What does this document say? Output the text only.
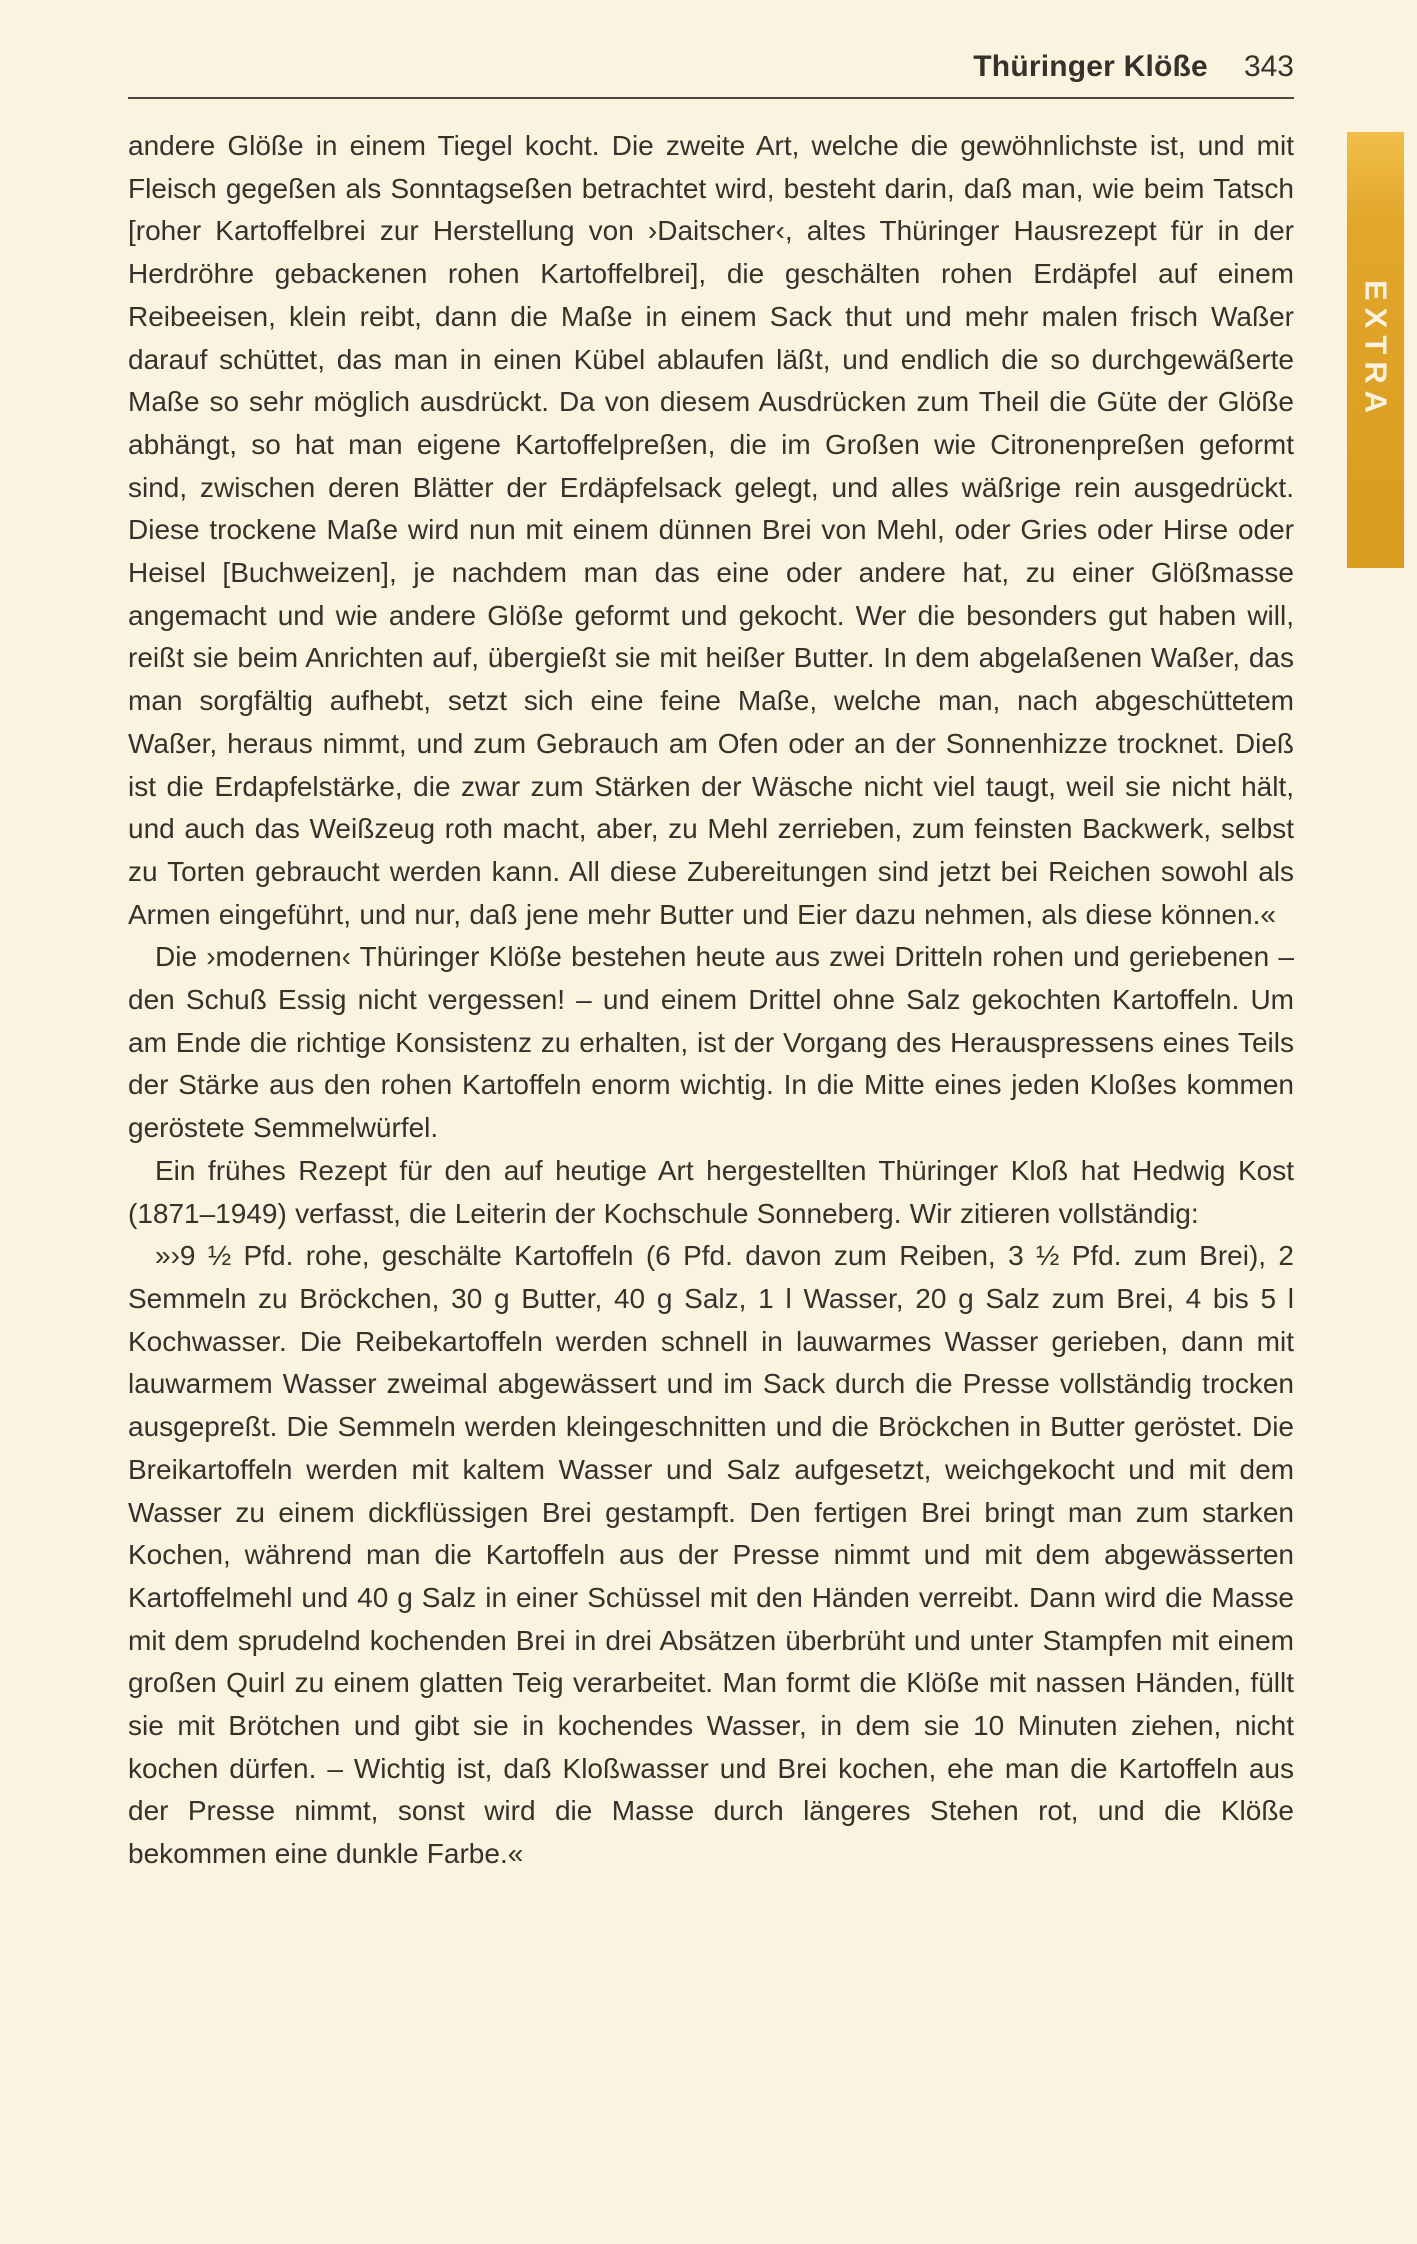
Thüringer Klöße 343

andere Glöße in einem Tiegel kocht. Die zweite Art, welche die gewöhnlichste ist, und mit Fleisch gegeßen als Sonntagseßen betrachtet wird, besteht darin, daß man, wie beim Tatsch [roher Kartoffelbrei zur Herstellung von ›Daitscher‹, altes Thüringer Hausrezept für in der Herdröhre gebackenen rohen Kartoffelbrei], die geschälten rohen Erdäpfel auf einem Reibeeisen, klein reibt, dann die Maße in einem Sack thut und mehr malen frisch Waßer darauf schüttet, das man in einen Kübel ablaufen läßt, und endlich die so durchgewäßerte Maße so sehr möglich ausdrückt. Da von diesem Ausdrücken zum Theil die Güte der Glöße abhängt, so hat man eigene Kartoffelpreßen, die im Großen wie Citronenpreßen geformt sind, zwischen deren Blätter der Erdäpfelsack gelegt, und alles wäßrige rein ausgedrückt. Diese trockene Maße wird nun mit einem dünnen Brei von Mehl, oder Gries oder Hirse oder Heisel [Buchweizen], je nachdem man das eine oder andere hat, zu einer Glößmasse angemacht und wie andere Glöße geformt und gekocht. Wer die besonders gut haben will, reißt sie beim Anrichten auf, übergießt sie mit heißer Butter. In dem abgelaßenen Waßer, das man sorgfältig aufhebt, setzt sich eine feine Maße, welche man, nach abgeschüttetem Waßer, heraus nimmt, und zum Gebrauch am Ofen oder an der Sonnenhizze trocknet. Dieß ist die Erdapfelstärke, die zwar zum Stärken der Wäsche nicht viel taugt, weil sie nicht hält, und auch das Weißzeug roth macht, aber, zu Mehl zerrieben, zum feinsten Backwerk, selbst zu Torten gebraucht werden kann. All diese Zubereitungen sind jetzt bei Reichen sowohl als Armen eingeführt, und nur, daß jene mehr Butter und Eier dazu nehmen, als diese können.«

Die ›modernen‹ Thüringer Klöße bestehen heute aus zwei Dritteln rohen und geriebenen – den Schuß Essig nicht vergessen! – und einem Drittel ohne Salz gekochten Kartoffeln. Um am Ende die richtige Konsistenz zu erhalten, ist der Vorgang des Herauspressens eines Teils der Stärke aus den rohen Kartoffeln enorm wichtig. In die Mitte eines jeden Kloßes kommen geröstete Semmelwürfel.

Ein frühes Rezept für den auf heutige Art hergestellten Thüringer Kloß hat Hedwig Kost (1871–1949) verfasst, die Leiterin der Kochschule Sonneberg. Wir zitieren vollständig:

»›9 ½ Pfd. rohe, geschälte Kartoffeln (6 Pfd. davon zum Reiben, 3 ½ Pfd. zum Brei), 2 Semmeln zu Bröckchen, 30 g Butter, 40 g Salz, 1 l Wasser, 20 g Salz zum Brei, 4 bis 5 l Kochwasser. Die Reibekartoffeln werden schnell in lauwarmes Wasser gerieben, dann mit lauwarmem Wasser zweimal abgewässert und im Sack durch die Presse vollständig trocken ausgepreßt. Die Semmeln werden kleingeschnitten und die Bröckchen in Butter geröstet. Die Breikartoffeln werden mit kaltem Wasser und Salz aufgesetzt, weichgekocht und mit dem Wasser zu einem dickflüssigen Brei gestampft. Den fertigen Brei bringt man zum starken Kochen, während man die Kartoffeln aus der Presse nimmt und mit dem abgewässerten Kartoffelmehl und 40 g Salz in einer Schüssel mit den Händen verreibt. Dann wird die Masse mit dem sprudelnd kochenden Brei in drei Absätzen überbrüht und unter Stampfen mit einem großen Quirl zu einem glatten Teig verarbeitet. Man formt die Klöße mit nassen Händen, füllt sie mit Brötchen und gibt sie in kochendes Wasser, in dem sie 10 Minuten ziehen, nicht kochen dürfen. – Wichtig ist, daß Kloßwasser und Brei kochen, ehe man die Kartoffeln aus der Presse nimmt, sonst wird die Masse durch längeres Stehen rot, und die Klöße bekommen eine dunkle Farbe.«

EXTRA
